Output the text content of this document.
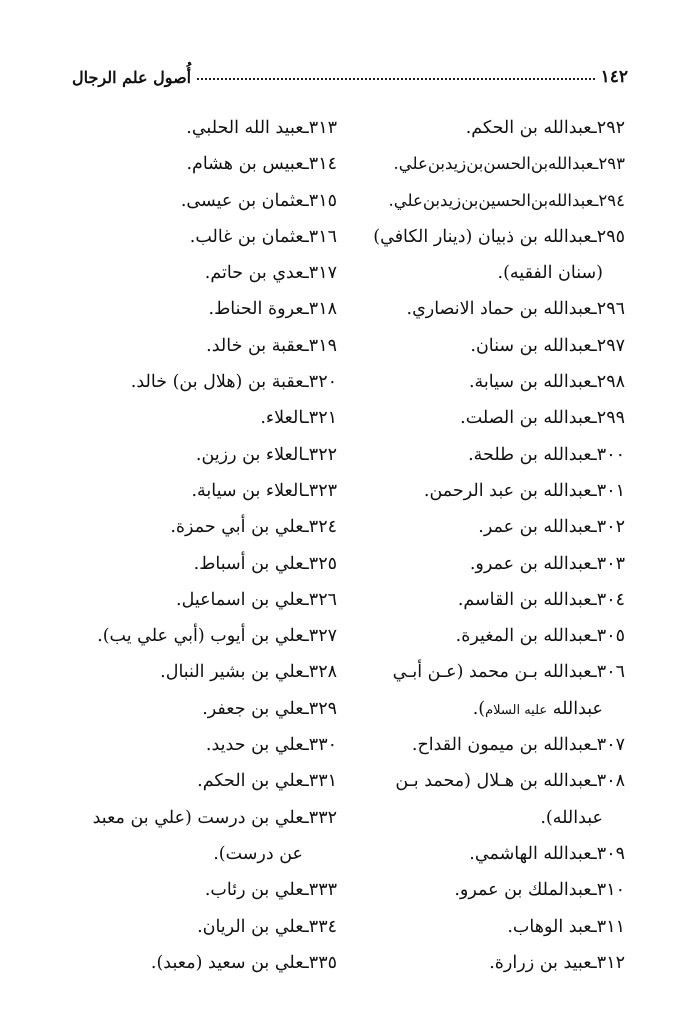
١٤٢
أُصول علم الرجال
٢٩٢ـعبدالله بن الحكم.
٢٩٣ـعبدالله‌بن‌الحسن‌بن‌زيد‌بن‌علي.
٢٩٤ـعبدالله‌بن‌الحسين‌بن‌زيد‌بن‌علي.
٢٩٥ـعبدالله بن ذبيان (دينار الكافي)
(سنان الفقيه).
٢٩٦ـعبدالله بن حماد الانصاري.
٢٩٧ـعبدالله بن سنان.
٢٩٨ـعبدالله بن سيابة.
٢٩٩ـعبدالله بن الصلت.
٣٠٠ـعبدالله بن طلحة.
٣٠١ـعبدالله بن عبد الرحمن.
٣٠٢ـعبدالله بن عمر.
٣٠٣ـعبدالله بن عمرو.
٣٠٤ـعبدالله بن القاسم.
٣٠٥ـعبدالله بن المغيرة.
٣٠٦ـعبدالله بـن محمد (عـن أبـي
عبدالله عليه السلام).
٣٠٧ـعبدالله بن ميمون القداح.
٣٠٨ـعبدالله بن هـلال (محمد بـن
عبدالله).
٣٠٩ـعبدالله الهاشمي.
٣١٠ـعبدالملك بن عمرو.
٣١١ـعبد الوهاب.
٣١٢ـعبيد بن زرارة.
٣١٣ـعبيد الله الحلبي.
٣١٤ـعبيس بن هشام.
٣١٥ـعثمان بن عيسى.
٣١٦ـعثمان بن غالب.
٣١٧ـعدي بن حاتم.
٣١٨ـعروة الحناط.
٣١٩ـعقبة بن خالد.
٣٢٠ـعقبة بن (هلال بن) خالد.
٣٢١ـالعلاء.
٣٢٢ـالعلاء بن رزين.
٣٢٣ـالعلاء بن سيابة.
٣٢٤ـعلي بن أبي حمزة.
٣٢٥ـعلي بن أسباط.
٣٢٦ـعلي بن اسماعيل.
٣٢٧ـعلي بن أيوب (أبي علي يب).
٣٢٨ـعلي بن بشير النبال.
٣٢٩ـعلي بن جعفر.
٣٣٠ـعلي بن حديد.
٣٣١ـعلي بن الحكم.
٣٣٢ـعلي بن درست (علي بن معبد
عن درست).
٣٣٣ـعلي بن رئاب.
٣٣٤ـعلي بن الريان.
٣٣٥ـعلي بن سعيد (معبد).
